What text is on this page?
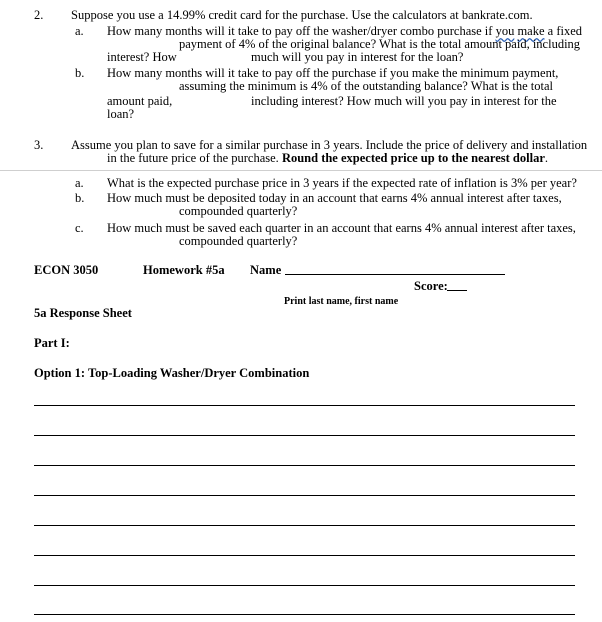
2. Suppose you use a 14.99% credit card for the purchase. Use the calculators at bankrate.com.
a. How many months will it take to pay off the washer/dryer combo purchase if you make a fixed
payment of 4% of the original balance? What is the total amount paid, including
interest? How	much will you pay in interest for the loan?
b. How many months will it take to pay off the purchase if you make the minimum payment,
assuming the minimum is 4% of the outstanding balance? What is the total
amount paid,	including interest? How much will you pay in interest for the
loan?
3. Assume you plan to save for a similar purchase in 3 years. Include the price of delivery and installation
in the future price of the purchase. Round the expected price up to the nearest dollar.
a. What is the expected purchase price in 3 years if the expected rate of inflation is 3% per year?
b. How much must be deposited today in an account that earns 4% annual interest after taxes,
compounded quarterly?
c. How much must be saved each quarter in an account that earns 4% annual interest after taxes,
compounded quarterly?
ECON 3050	Homework #5a Name
Score:
Print last name, first name
5a Response Sheet
Part I:
Option 1: Top-Loading Washer/Dryer Combination
